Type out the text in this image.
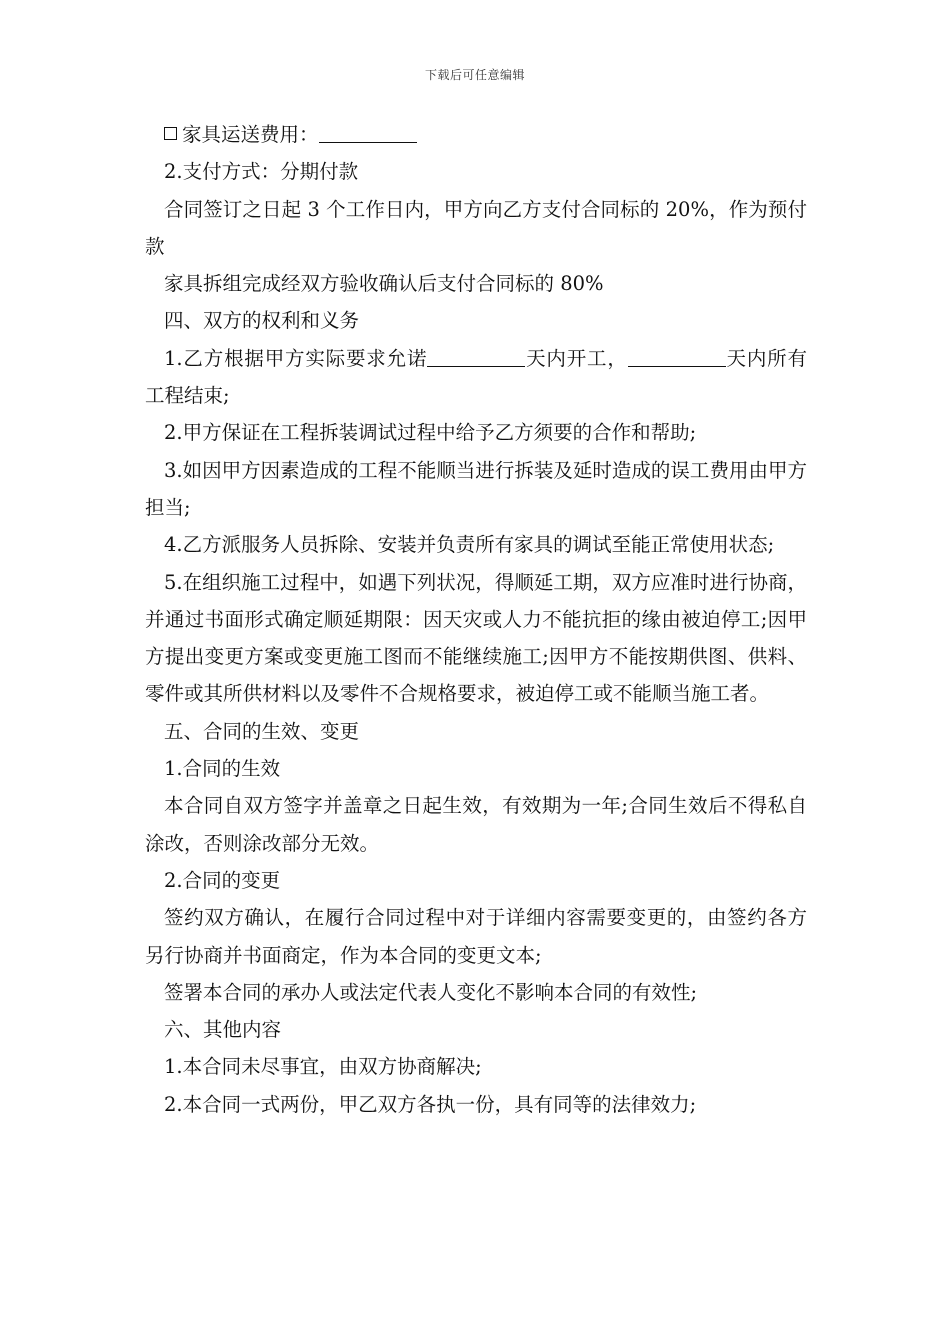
下载后可任意编辑

家具运送费用：

2.支付方式：分期付款

合同签订之日起 3 个工作日内，甲方向乙方支付合同标的 20%，作为预付款

家具拆组完成经双方验收确认后支付合同标的 80%

四、双方的权利和义务

1.乙方根据甲方实际要求允诺	天内开工，	天内所有工程结束;

2.甲方保证在工程拆装调试过程中给予乙方须要的合作和帮助;

3.如因甲方因素造成的工程不能顺当进行拆装及延时造成的误工费用由甲方担当;

4.乙方派服务人员拆除、安装并负责所有家具的调试至能正常使用状态;

5.在组织施工过程中，如遇下列状况，得顺延工期，双方应准时进行协商，并通过书面形式确定顺延期限：因天灾或人力不能抗拒的缘由被迫停工;因甲方提出变更方案或变更施工图而不能继续施工;因甲方不能按期供图、供料、零件或其所供材料以及零件不合规格要求，被迫停工或不能顺当施工者。

五、合同的生效、变更

1.合同的生效

本合同自双方签字并盖章之日起生效，有效期为一年;合同生效后不得私自涂改，否则涂改部分无效。

2.合同的变更

签约双方确认，在履行合同过程中对于详细内容需要变更的，由签约各方另行协商并书面商定，作为本合同的变更文本;

签署本合同的承办人或法定代表人变化不影响本合同的有效性;

六、其他内容

1.本合同未尽事宜，由双方协商解决;

2.本合同一式两份，甲乙双方各执一份，具有同等的法律效力;
